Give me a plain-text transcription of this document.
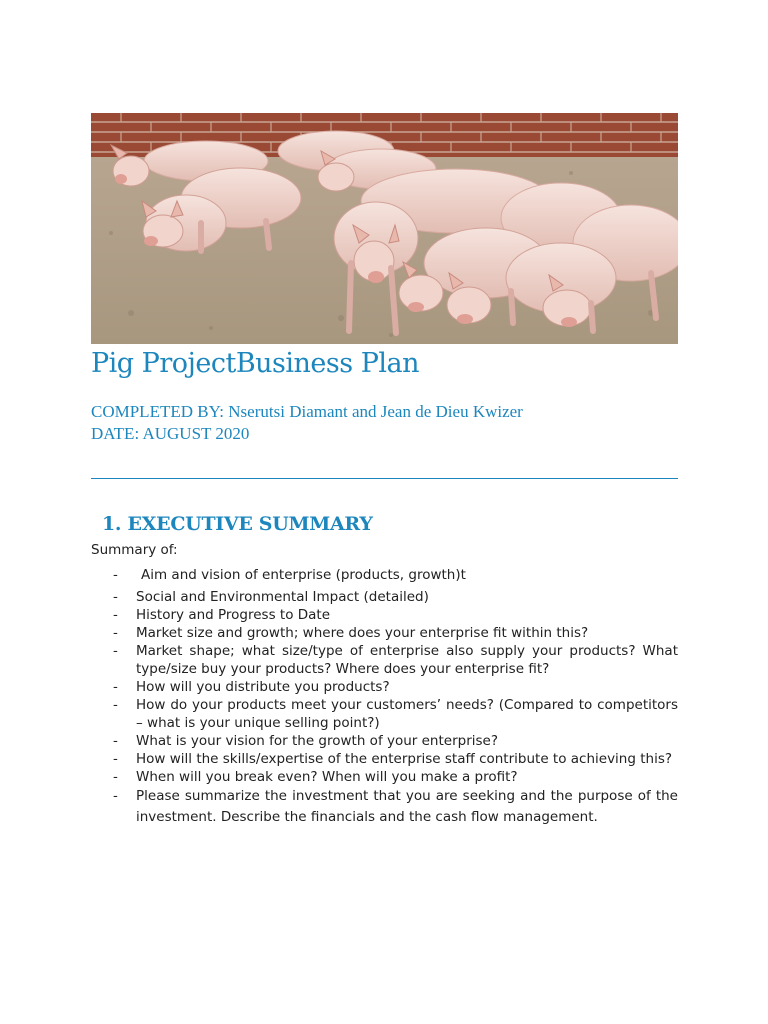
Pig ProjectBusiness Plan
COMPLETED BY: Nserutsi Diamant and Jean de Dieu Kwizer
DATE: AUGUST 2020
1. EXECUTIVE SUMMARY
Summary of:
- Aim and vision of enterprise (products, growth)t
- Social and Environmental Impact (detailed)
- History and Progress to Date
- Market size and growth; where does your enterprise fit within this?
- Market shape; what size/type of enterprise also supply your products? What type/size buy your products? Where does your enterprise fit?
- How will you distribute you products?
- How do your products meet your customers’ needs? (Compared to competitors – what is your unique selling point?)
- What is your vision for the growth of your enterprise?
- How will the skills/expertise of the enterprise staff contribute to achieving this?
- When will you break even? When will you make a profit?
- Please summarize the investment that you are seeking and the purpose of the investment. Describe the financials and the cash flow management.
